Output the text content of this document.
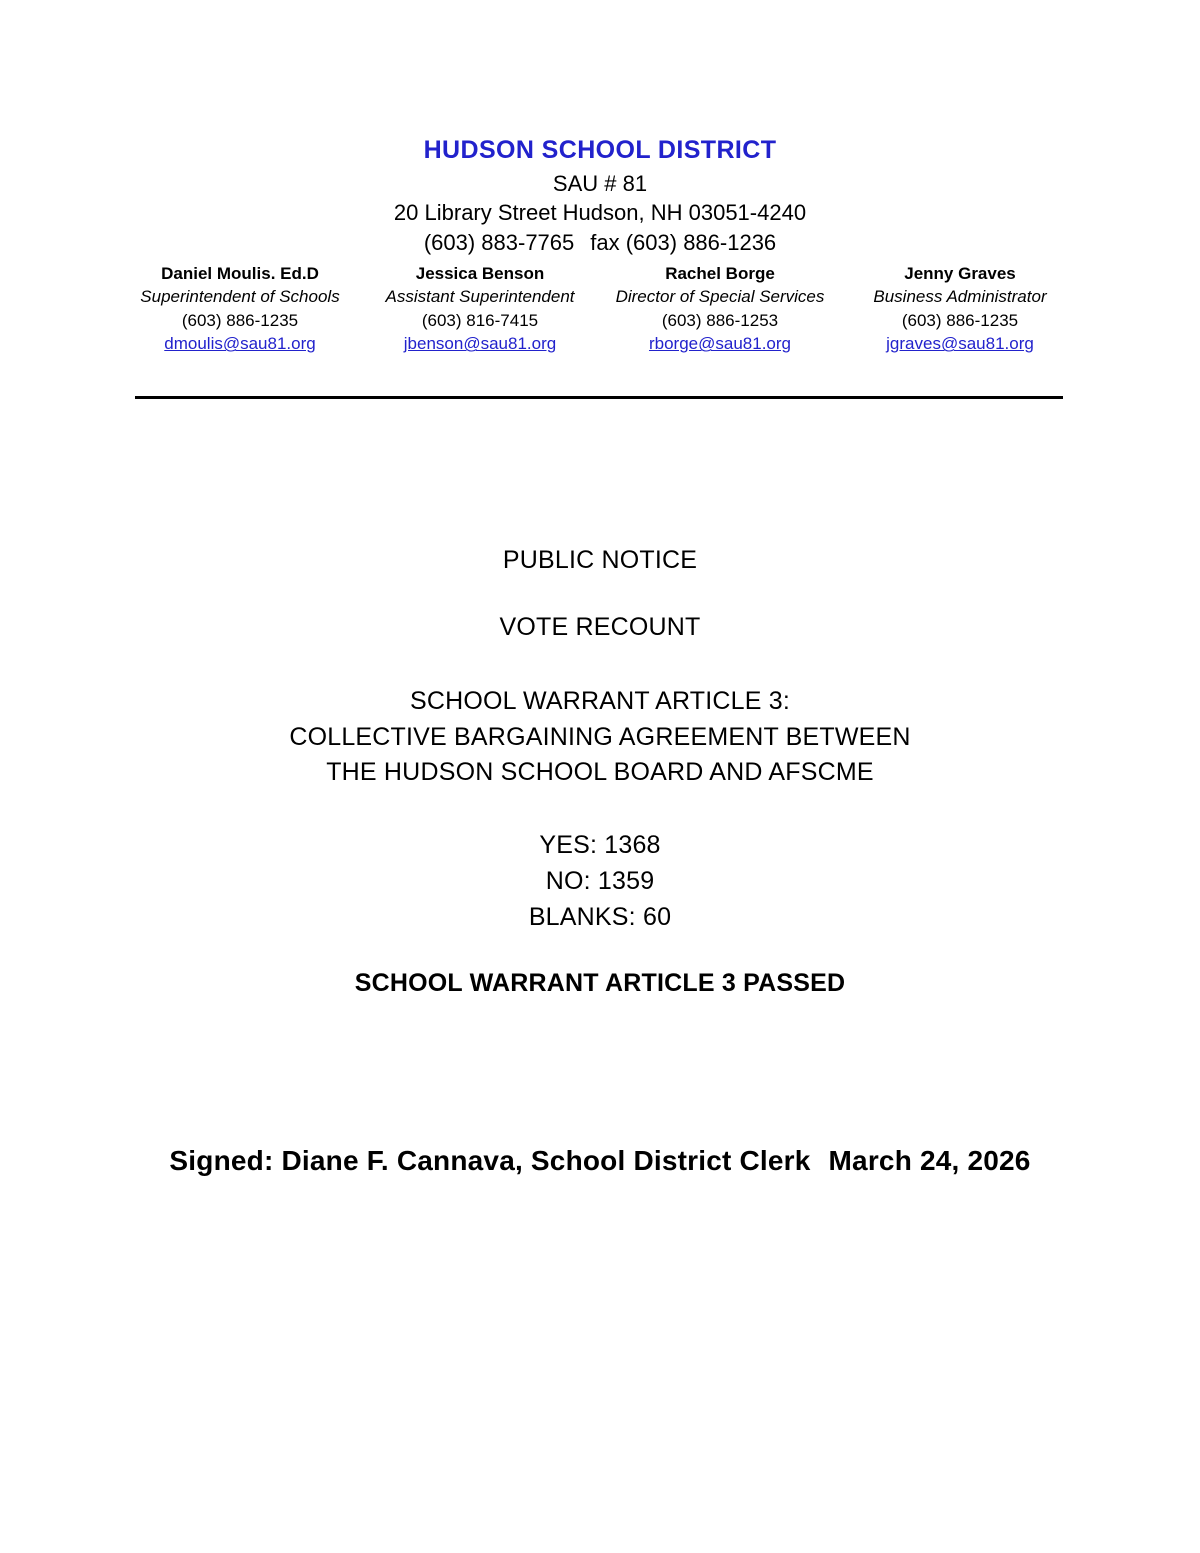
HUDSON SCHOOL DISTRICT
SAU # 81
20 Library Street Hudson, NH 03051-4240
(603) 883-7765 fax (603) 886-1236
Daniel Moulis. Ed.D
Superintendent of Schools
(603) 886-1235
dmoulis@sau81.org
Jessica Benson
Assistant Superintendent
(603) 816-7415
jbenson@sau81.org
Rachel Borge
Director of Special Services
(603) 886-1253
rborge@sau81.org
Jenny Graves
Business Administrator
(603) 886-1235
jgraves@sau81.org
PUBLIC NOTICE
VOTE RECOUNT
SCHOOL WARRANT ARTICLE 3:
COLLECTIVE BARGAINING AGREEMENT BETWEEN
THE HUDSON SCHOOL BOARD AND AFSCME
YES: 1368
NO: 1359
BLANKS: 60
SCHOOL WARRANT ARTICLE 3 PASSED
Signed: Diane F. Cannava, School District Clerk March 24, 2026
